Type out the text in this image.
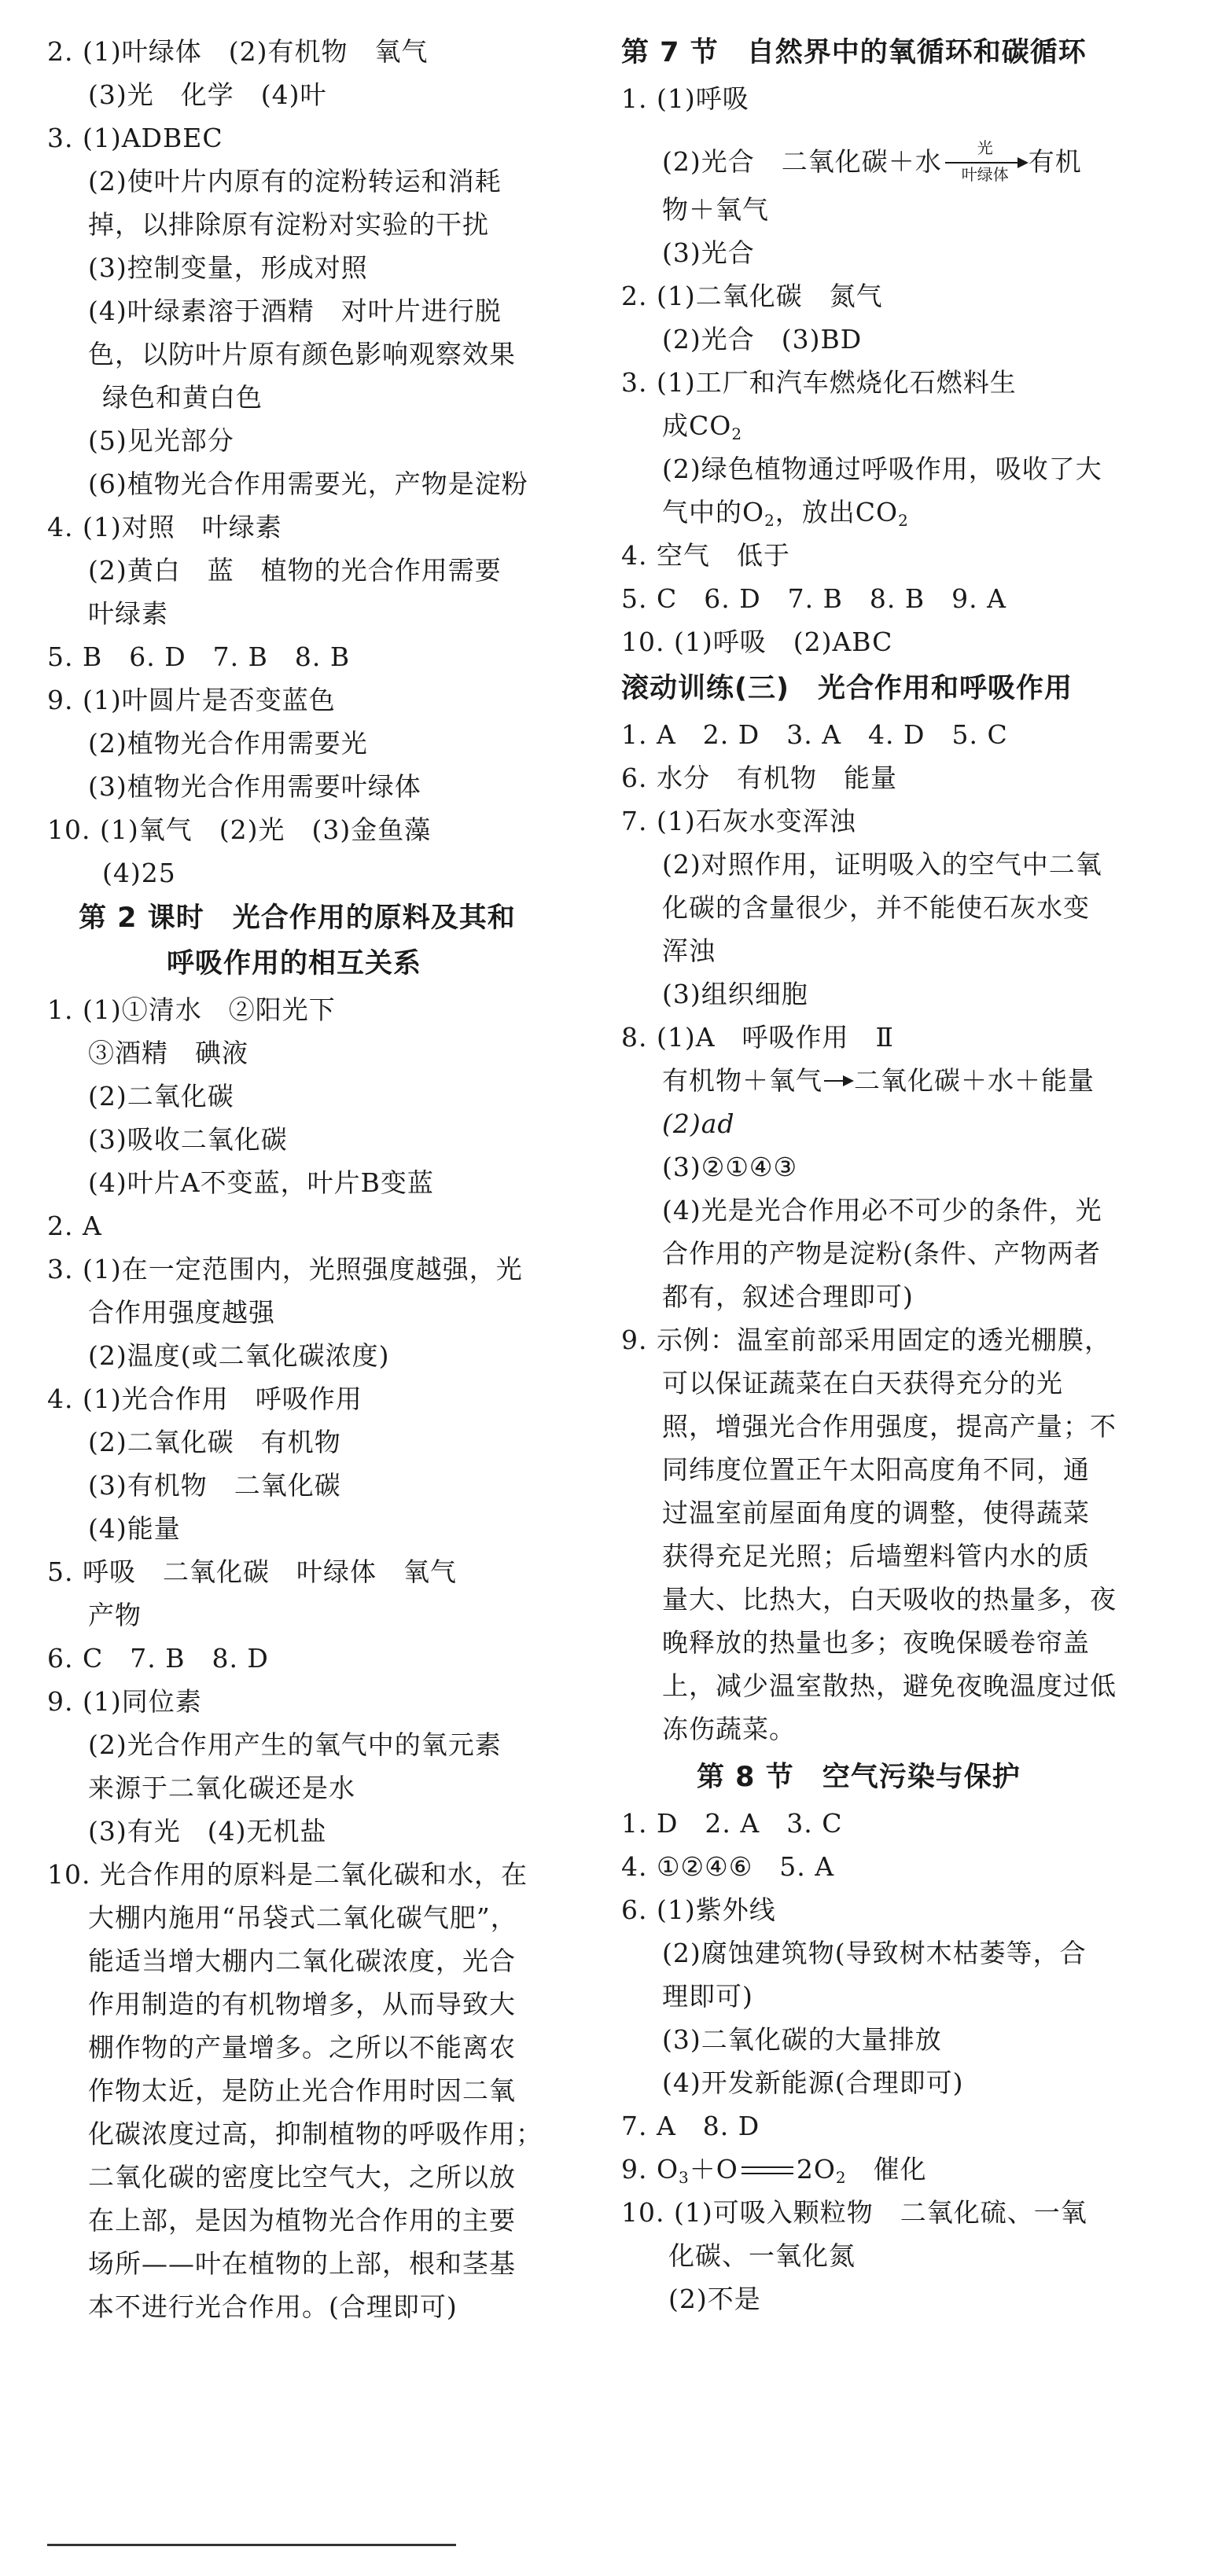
2. (1)叶绿体　(2)有机物　氧气
(3)光　化学　(4)叶
3. (1)ADBEC
(2)使叶片内原有的淀粉转运和消耗
掉，以排除原有淀粉对实验的干扰
(3)控制变量，形成对照
(4)叶绿素溶于酒精　对叶片进行脱
色，以防叶片原有颜色影响观察效果
绿色和黄白色
(5)见光部分
(6)植物光合作用需要光，产物是淀粉
4. (1)对照　叶绿素
(2)黄白　蓝　植物的光合作用需要
叶绿素
5. B　6. D　7. B　8. B
9. (1)叶圆片是否变蓝色
(2)植物光合作用需要光
(3)植物光合作用需要叶绿体
10. (1)氧气　(2)光　(3)金鱼藻
(4)25
第 2 课时　光合作用的原料及其和
呼吸作用的相互关系
1. (1)①清水　②阳光下
③酒精　碘液
(2)二氧化碳
(3)吸收二氧化碳
(4)叶片A不变蓝，叶片B变蓝
2. A
3. (1)在一定范围内，光照强度越强，光
合作用强度越强
(2)温度(或二氧化碳浓度)
4. (1)光合作用　呼吸作用
(2)二氧化碳　有机物
(3)有机物　二氧化碳
(4)能量
5. 呼吸　二氧化碳　叶绿体　氧气
产物
6. C　7. B　8. D
9. (1)同位素
(2)光合作用产生的氧气中的氧元素
来源于二氧化碳还是水
(3)有光　(4)无机盐
10. 光合作用的原料是二氧化碳和水，在
大棚内施用“吊袋式二氧化碳气肥”，
能适当增大棚内二氧化碳浓度，光合
作用制造的有机物增多，从而导致大
棚作物的产量增多。之所以不能离农
作物太近，是防止光合作用时因二氧
化碳浓度过高，抑制植物的呼吸作用；
二氧化碳的密度比空气大，之所以放
在上部，是因为植物光合作用的主要
场所——叶在植物的上部，根和茎基
本不进行光合作用。(合理即可)
第 7 节　自然界中的氧循环和碳循环
1. (1)呼吸
(2)光合　二氧化碳＋水	光
叶绿体 有机
物＋氧气
(3)光合
2. (1)二氧化碳　氮气
(2)光合　(3)BD
3. (1)工厂和汽车燃烧化石燃料生
成$CO_2$
(2)绿色植物通过呼吸作用，吸收了大
气中的$O_2$，放出$CO_2$
4. 空气　低于
5. C　6. D　7. B　8. B　9. A
10. (1)呼吸　(2)ABC
滚动训练(三)　光合作用和呼吸作用
1. A　2. D　3. A　4. D　5. C
6. 水分　有机物　能量
7. (1)石灰水变浑浊
(2)对照作用，证明吸入的空气中二氧
化碳的含量很少，并不能使石灰水变
浑浊
(3)组织细胞
8. (1)A　呼吸作用　Ⅱ
有机物＋氧气 二氧化碳＋水＋能量
(2)ad
(3)②①④③
(4)光是光合作用必不可少的条件，光
合作用的产物是淀粉(条件、产物两者
都有，叙述合理即可)
9. 示例：温室前部采用固定的透光棚膜，
可以保证蔬菜在白天获得充分的光
照，增强光合作用强度，提高产量；不
同纬度位置正午太阳高度角不同，通
过温室前屋面角度的调整，使得蔬菜
获得充足光照；后墙塑料管内水的质
量大、比热大，白天吸收的热量多，夜
晚释放的热量也多；夜晚保暖卷帘盖
上，减少温室散热，避免夜晚温度过低
冻伤蔬菜。
第 8 节　空气污染与保护
1. D　2. A　3. C
4. ①②④⑥　5. A
6. (1)紫外线
(2)腐蚀建筑物(导致树木枯萎等，合
理即可)
(3)二氧化碳的大量排放
(4)开发新能源(合理即可)
7. A　8. D
9. $O_3+O$ $2O_2$　催化
10. (1)可吸入颗粒物　二氧化硫、一氧
化碳、一氧化氮
(2)不是
